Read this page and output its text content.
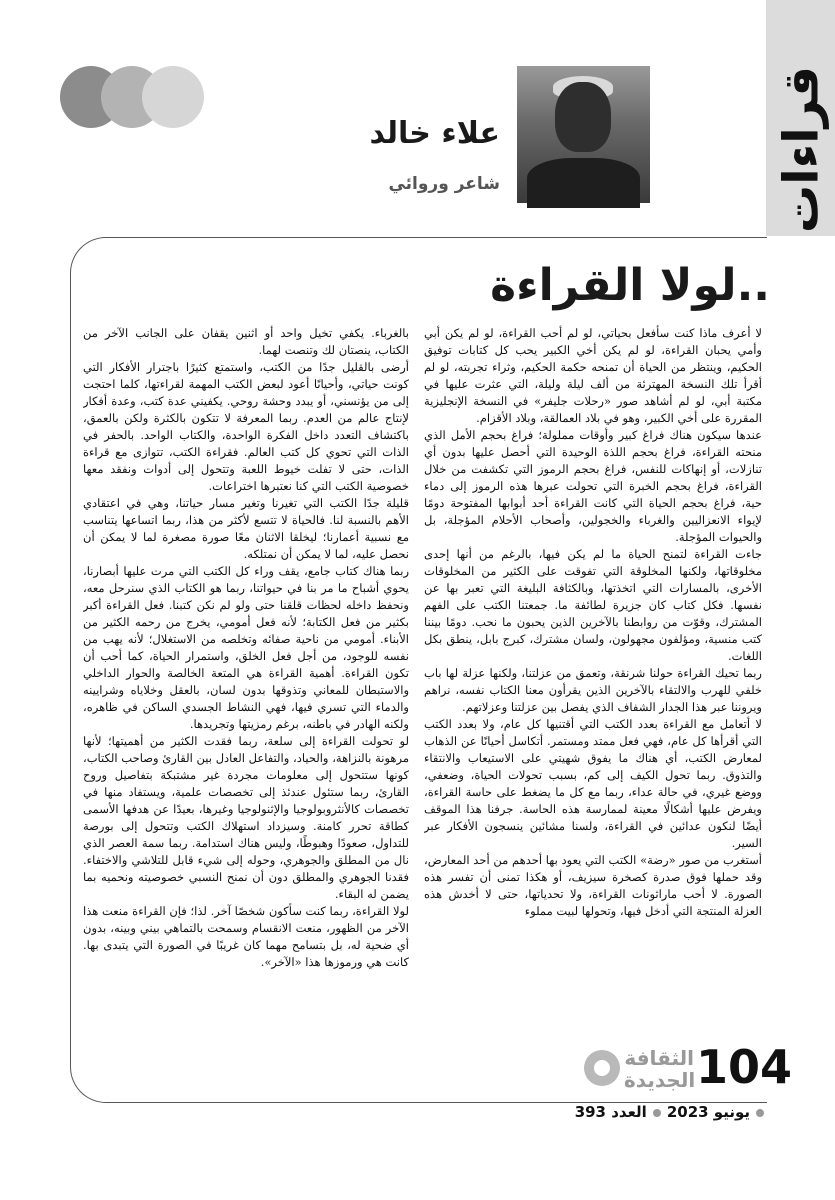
قراءات
علاء خالد
شاعر وروائي
لولا القراءة..

لا أعرف ماذا كنت سأفعل بحياتي، لو لم أحب القراءة، لو لم يكن أبي وأمي يحبان القراءة، لو لم يكن أخي الكبير يحب كل كتابات توفيق الحكيم، وينتظر من الحياة أن تمنحه حكمة الحكيم، وثراء تجربته، لو لم أقرأ تلك النسخة المهترئة من ألف ليلة وليلة، التي عثرت عليها في مكتبة أبي، لو لم أشاهد صور «رحلات جليفر» في النسخة الإنجليزية المقررة على أخي الكبير، وهو في بلاد العمالقة، وبلاد الأقزام.

عندها سيكون هناك فراغ كبير وأوقات مملولة؛ فراغ بحجم الأمل الذي منحته القراءة، فراغ بحجم اللذة الوحيدة التي أحصل عليها بدون أي تنازلات، أو إنهاكات للنفس، فراغ بحجم الرموز التي تكشفت من خلال القراءة، فراغ بحجم الخبرة التي تحولت عبرها هذه الرموز إلى دماء حية، فراغ بحجم الحياة التي كانت القراءة أحد أبوابها المفتوحة دومًا لإيواء الانعزاليين والغرباء والخجولين، وأصحاب الأحلام المؤجلة، بل والحيوات المؤجلة.

جاءت القراءة لتمنح الحياة ما لم يكن فيها، بالرغم من أنها إحدى مخلوقاتها، ولكنها المخلوقة التي تفوقت على الكثير من المخلوقات الأخرى، بالمسارات التي اتخذتها، وبالكثافة البليغة التي تعبر بها عن نفسها. فكل كتاب كان جزيرة لطائفة ما. جمعتنا الكتب على الفهم المشترك، وقوّت من روابطنا بالآخرين الذين يحبون ما نحب. دومًا بيننا كتب منسية، ومؤلفون مجهولون، ولسان مشترك، كبرج بابل، ينطق بكل اللغات.

ربما تحيك القراءة حولنا شرنقة، وتعمق من عزلتنا، ولكنها عزلة لها باب خلفي للهرب والالتقاء بالآخرين الذين يقرأون معنا الكتاب نفسه، نراهم ويروننا عبر هذا الجدار الشفاف الذي يفصل بين عزلتنا وعزلاتهم.

لا أتعامل مع القراءة بعدد الكتب التي أقتنيها كل عام، ولا بعدد الكتب التي أقرأها كل عام، فهي فعل ممتد ومستمر. أتكاسل أحيانًا عن الذهاب لمعارض الكتب، أي هناك ما يفوق شهيتي على الاستيعاب والانتقاء والتذوق. ربما تحول الكيف إلى كم، بسبب تحولات الحياة، وضعفي، ووضع غيري، في حالة عداء، ربما مع كل ما يضغط على حاسة القراءة، ويفرض عليها أشكالًا معينة لممارسة هذه الحاسة. جرفنا هذا الموقف أيضًا لنكون عدائين في القراءة، ولسنا مشائين ينسجون الأفكار عبر السير.

أستغرب من صور «رضة» الكتب التي يعود بها أحدهم من أحد المعارض، وقد حملها فوق صدرة كصخرة سيزيف، أو هكذا تمنى أن تفسر هذه الصورة. لا أحب ماراثونات القراءة، ولا تحدياتها، حتى لا أخدش هذه العزلة المنتجة التي أدخل فيها، وتحولها لبيت مملوء

بالغرباء. يكفي تخيل واحد أو اثنين يقفان على الجانب الآخر من الكتاب، ينصتان لك وتنصت لهما.

أرضى بالقليل جدًا من الكتب، واستمتع كثيرًا باجترار الأفكار التي كونت حياتي، وأحيانًا أعود لبعض الكتب المهمة لقراءتها، كلما احتجت إلى من يؤنسني، أو يبدد وحشة روحي. يكفيني عدة كتب، وعدة أفكار لإنتاج عالم من العدم. ربما المعرفة لا تتكون بالكثرة ولكن بالعمق، باكتشاف التعدد داخل الفكرة الواحدة، والكتاب الواحد. بالحفر في الذات التي تحوي كل كتب العالم. فقراءة الكتب، تتوازى مع قراءة الذات، حتى لا تفلت خيوط اللعبة وتتحول إلى أدوات ونفقد معها خصوصية الكتب التي كنا نعتبرها اختراعات.

قليلة جدًا الكتب التي تغيرنا وتغير مسار حياتنا، وهي في اعتقادي الأهم بالنسبة لنا. فالحياة لا تتسع لأكثر من هذا، ربما اتساعها يتناسب مع نسبية أعمارنا؛ ليخلقا الاثنان معًا صورة مصغرة لما لا يمكن أن نحصل عليه، لما لا يمكن أن نمتلكه.

ربما هناك كتاب جامع، يقف وراء كل الكتب التي مرت عليها أبصارنا، يحوي أشباح ما مر بنا في حيواتنا، ربما هو الكتاب الذي سنرحل معه، ونحفظ داخله لحظات قلقنا حتى ولو لم نكن كتبنا. فعل القراءة أكبر بكثير من فعل الكتابة؛ لأنه فعل أمومي، يخرج من رحمه الكثير من الأبناء. أمومي من ناحية صفائه وتخلصه من الاستغلال؛ لأنه يهب من نفسه للوجود، من أجل فعل الخلق، واستمرار الحياة، كما أحب أن تكون القراءة. أهمية القراءة هي المتعة الخالصة والحوار الداخلي والاستبطان للمعاني وتذوقها بدون لسان، بالعقل وخلاياه وشرايينه والدماء التي تسري فيها، فهي النشاط الجسدي الساكن في ظاهره، ولكنه الهادر في باطنه، برغم رمزيتها وتجريدها.

لو تحولت القراءة إلى سلعة، ربما فقدت الكثير من أهميتها؛ لأنها مرهونة بالنزاهة، والحياد، والتفاعل العادل بين القارئ وصاحب الكتاب، كونها ستتحول إلى معلومات مجردة غير مشتبكة بتفاصيل وروح القارئ، ربما ستئول عندئذ إلى تخصصات علمية، ويستفاد منها في تخصصات كالأنثروبولوجيا والإثنولوجيا وغيرها، بعيدًا عن هدفها الأسمى كطاقة تحرر كامنة. وسيزداد استهلاك الكتب وتتحول إلى بورصة للتداول، صعودًا وهبوطًا، وليس هناك استدامة. ربما سمة العصر الذي نال من المطلق والجوهري، وحوله إلى شيء قابل للتلاشي والاختفاء. فقدنا الجوهري والمطلق دون أن نمنح النسبي خصوصيته ونحميه بما يضمن له البقاء.

لولا القراءة، ربما كنت سأكون شخصًا آخر. لذا؛ فإن القراءة منعت هذا الآخر من الظهور، منعت الانقسام وسمحت بالتماهي بيني وبينه، بدون أي ضحية له، بل بتسامح مهما كان غريبًا في الصورة التي يتبدى بها. كانت هي ورموزها هذا «الآخر».

الثقافة
الجديدة 104
يونيو 2023العدد 393
